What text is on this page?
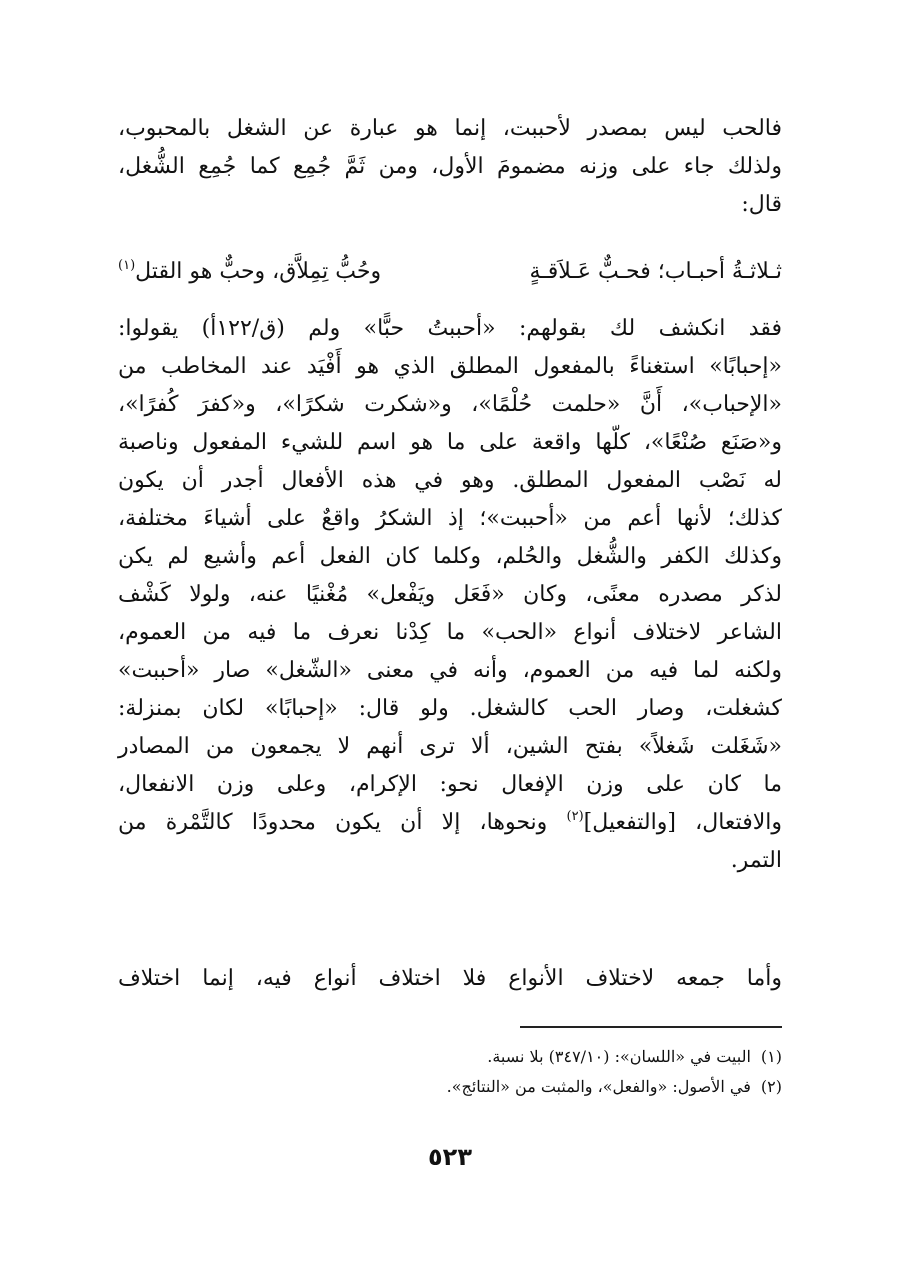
فالحب ليس بمصدر لأحببت، إنما هو عبارة عن الشغل بالمحبوب،
ولذلك جاء على وزنه مضمومَ الأول، ومن ثَمَّ جُمِع كما جُمِع الشُّغل،
قال:
ثـلاثـةُ أحبـاب؛ فحـبٌّ عَـلاَقـةٍ
وحُبُّ تِمِلاَّق، وحبٌّ هو القتل$^{(١)}$
فقد انكشف لك بقولهم: «أحببتُ حبًّا» ولم (ق/١٢٢أ) يقولوا:
«إحبابًا» استغناءً بالمفعول المطلق الذي هو أَفْيَد عند المخاطب من
«الإحباب»، أَنَّ «حلمت حُلْمًا»، و«شكرت شكرًا»، و«كفرَ كُفرًا»،
و«صَنَع صُنْعًا»، كلّها واقعة على ما هو اسم للشيء المفعول وناصبة
له نَصْب المفعول المطلق. وهو في هذه الأفعال أجدر أن يكون
كذلك؛ لأنها أعم من «أحببت»؛ إذ الشكرُ واقعٌ على أشياءَ مختلفة،
وكذلك الكفر والشُّغل والحُلم، وكلما كان الفعل أعم وأشيع لم يكن
لذكر مصدره معنًى، وكان «فَعَل ويَفْعل» مُغْنيًا عنه، ولولا كَشْف
الشاعر لاختلاف أنواع «الحب» ما كِدْنا نعرف ما فيه من العموم،
ولكنه لما فيه من العموم، وأنه في معنى «الشّغل» صار «أحببت»
كشغلت، وصار الحب كالشغل. ولو قال: «إحبابًا» لكان بمنزلة:
«شَغَلت شَغلاً» بفتح الشين، ألا ترى أنهم لا يجمعون من المصادر
ما كان على وزن الإفعال نحو: الإكرام، وعلى وزن الانفعال،
والافتعال، [والتفعيل]$^{(٢)}$ ونحوها، إلا أن يكون محدودًا كالتَّمْرة من
التمر.
وأما جمعه لاختلاف الأنواع فلا اختلاف أنواع فيه، إنما اختلاف
(١)البيت في «اللسان»: (٣٤٧/١٠) بلا نسبة.
(٢)في الأصول: «والفعل»، والمثبت من «النتائج».
٥٢٣
